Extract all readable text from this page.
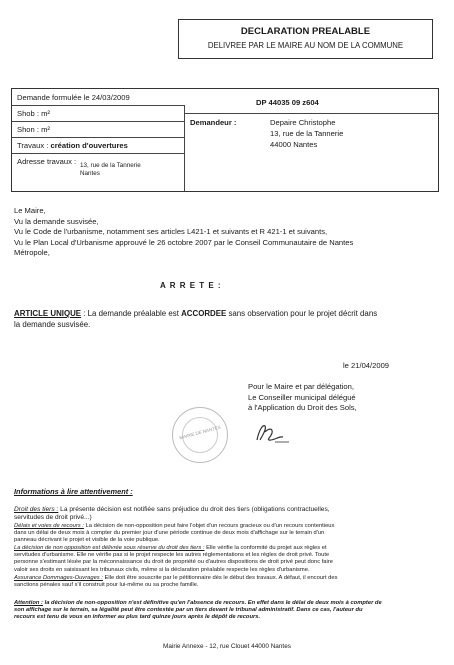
DECLARATION PREALABLE
DELIVREE PAR LE MAIRE AU NOM DE LA COMMUNE
Demande formulée le 24/03/2009
DP 44035 09 z604
Shob : m²
Shon : m²
Travaux : création d'ouvertures
Adresse travaux : 13, rue de la Tannerie
Nantes
Demandeur :	Depaire Christophe
13, rue de la Tannerie
44000 Nantes
Le Maire,
Vu la demande susvisée,
Vu le Code de l'urbanisme, notamment ses articles L421-1 et suivants et R 421-1 et suivants,
Vu le Plan Local d'Urbanisme approuvé le 26 octobre 2007 par le Conseil Communautaire de Nantes
Métropole,
A R R E T E :
ARTICLE UNIQUE : La demande préalable est ACCORDEE sans observation pour le projet décrit dans
la demande susvisée.
le 21/04/2009
Pour le Maire et par délégation,
Le Conseiller municipal délégué
à l'Application du Droit des Sols,
MAIRIE DE NANTES
Informations à lire attentivement :
Droit des tiers : La présente décision est notifiée sans préjudice du droit des tiers (obligations contractuelles,
servitudes de droit privé...)
Délais et voies de recours : La décision de non-opposition peut faire l'objet d'un recours gracieux ou d'un recours contentieux
dans un délai de deux mois à compter du premier jour d'une période continue de deux mois d'affichage sur le terrain d'un
panneau décrivant le projet et visible de la voie publique.
La décision de non opposition est délivrée sous réserve du droit des tiers : Elle vérifie la conformité du projet aux règles et
servitudes d'urbanisme. Elle ne vérifie pas si le projet respecte les autres réglementations et les règles de droit privé. Toute
personne s'estimant lésée par la méconnaissance du droit de propriété ou d'autres dispositions de droit privé peut donc faire
valoir ses droits en saisissant les tribunaux civils, même si la déclaration préalable respecte les règles d'urbanisme.
Assurance Dommages-Ouvrages : Elle doit être souscrite par le pétitionnaire dès le début des travaux. A défaut, il encourt des
sanctions pénales sauf s'il construit pour lui-même ou sa proche famille.
Attention : la décision de non-opposition n'est définitive qu'en l'absence de recours. En effet dans le délai de deux mois à compter de
son affichage sur le terrain, sa légalité peut être contestée par un tiers devant le tribunal administratif. Dans ce cas, l'auteur du
recours est tenu de vous en informer au plus tard quinze jours après le dépôt de recours.
Mairie Annexe - 12, rue Clouet 44000 Nantes
